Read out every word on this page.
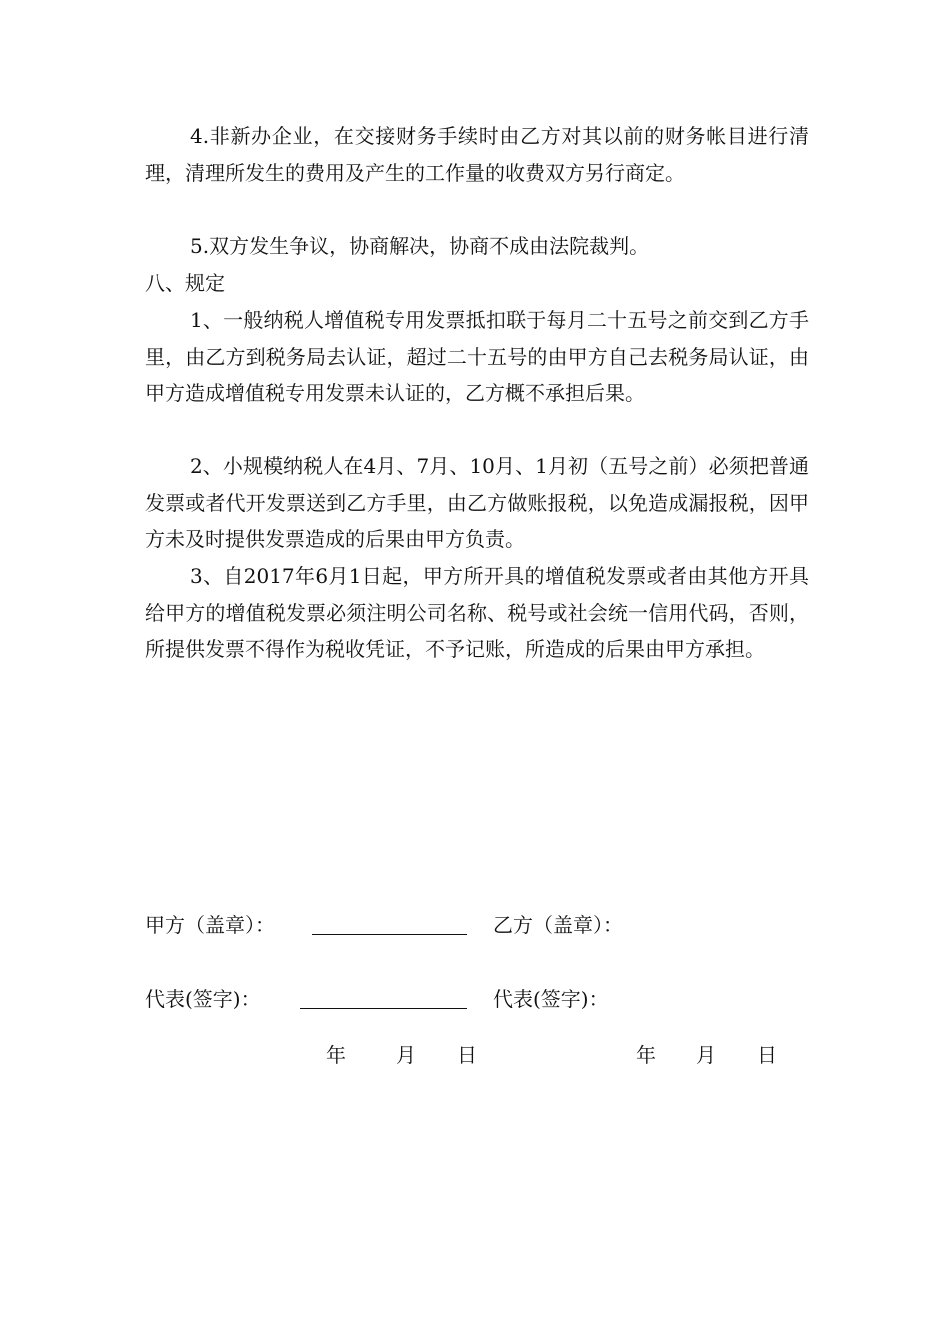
4.非新办企业，在交接财务手续时由乙方对其以前的财务帐目进行清理，清理所发生的费用及产生的工作量的收费双方另行商定。
5.双方发生争议，协商解决，协商不成由法院裁判。
八、规定
1、一般纳税人增值税专用发票抵扣联于每月二十五号之前交到乙方手里，由乙方到税务局去认证，超过二十五号的由甲方自己去税务局认证，由甲方造成增值税专用发票未认证的，乙方概不承担后果。
2、小规模纳税人在4月、7月、10月、1月初（五号之前）必须把普通发票或者代开发票送到乙方手里，由乙方做账报税，以免造成漏报税，因甲方未及时提供发票造成的后果由甲方负责。
3、自2017年6月1日起，甲方所开具的增值税发票或者由其他方开具给甲方的增值税发票必须注明公司名称、税号或社会统一信用代码，否则，所提供发票不得作为税收凭证，不予记账，所造成的后果由甲方承担。
甲方（盖章）：	乙方（盖章）：
代表(签字)：	代表(签字)：
年	月 日	年 月 日
